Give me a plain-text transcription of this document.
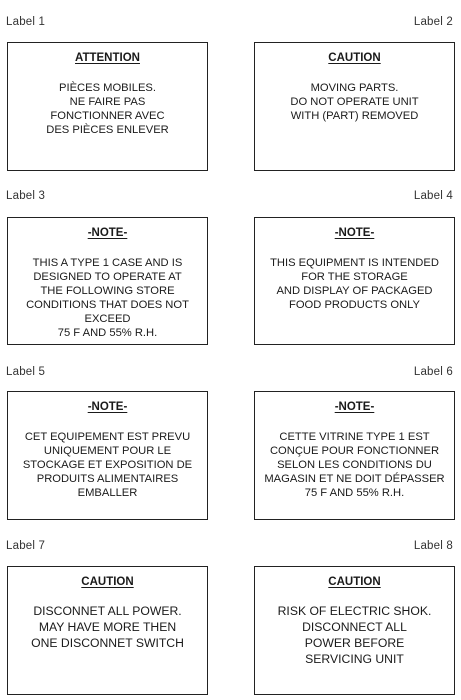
Label 1	Label 2
ATTENTION
PIÈCES MOBILES.
NE FAIRE PAS
FONCTIONNER AVEC
DES PIÈCES ENLEVER
CAUTION
MOVING PARTS.
DO NOT OPERATE UNIT
WITH (PART) REMOVED
Label 3	Label 4
-NOTE-
THIS A TYPE 1 CASE AND IS
DESIGNED TO OPERATE AT
THE FOLLOWING STORE
CONDITIONS THAT DOES NOT
EXCEED
75 F AND 55% R.H.
-NOTE-
THIS EQUIPMENT IS INTENDED
FOR THE STORAGE
AND DISPLAY OF PACKAGED
FOOD PRODUCTS ONLY
Label 5	Label 6
-NOTE-
CET EQUIPEMENT EST PREVU
UNIQUEMENT POUR LE
STOCKAGE ET EXPOSITION DE
PRODUITS ALIMENTAIRES
EMBALLER
-NOTE-
CETTE VITRINE TYPE 1 EST
CONÇUE POUR FONCTIONNER
SELON LES CONDITIONS DU
MAGASIN ET NE DOIT DÉPASSER
75 F AND 55% R.H.
Label 7	Label 8
CAUTION
DISCONNET ALL POWER.
MAY HAVE MORE THEN
ONE DISCONNET SWITCH
CAUTION
RISK OF ELECTRIC SHOK.
DISCONNECT ALL
POWER BEFORE
SERVICING UNIT
